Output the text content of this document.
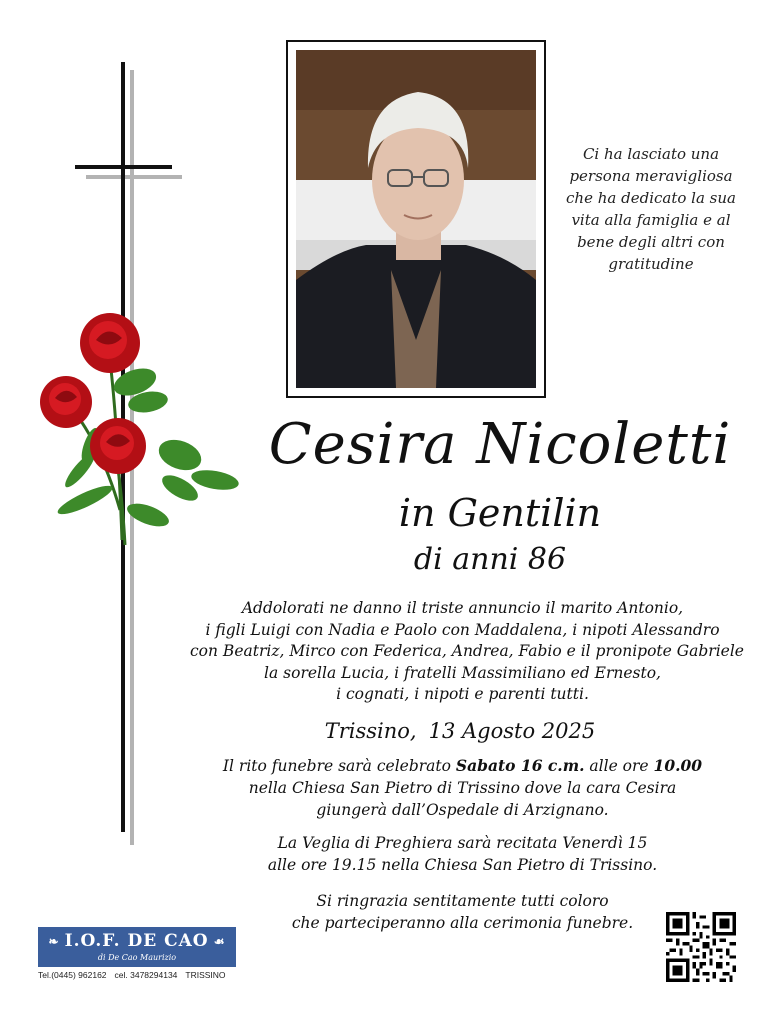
Ci ha lasciato una
persona meravigliosa
che ha dedicato la sua
vita alla famiglia e al
bene degli altri con
gratitudine
Cesira Nicoletti
in Gentilin
di anni 86
Addolorati ne danno il triste annuncio il marito Antonio,
i figli Luigi con Nadia e Paolo con Maddalena, i nipoti Alessandro
con Beatriz, Mirco con Federica, Andrea, Fabio e il pronipote Gabriele
la sorella Lucia, i fratelli Massimiliano ed Ernesto,
i cognati, i nipoti e parenti tutti.
Trissino, 13 Agosto 2025
Il rito funebre sarà celebrato Sabato 16 c.m. alle ore 10.00
nella Chiesa San Pietro di Trissino dove la cara Cesira
giungerà dall’Ospedale di Arzignano.
La Veglia di Preghiera sarà recitata Venerdì 15
alle ore 19.15 nella Chiesa San Pietro di Trissino.
Si ringrazia sentitamente tutti coloro
che parteciperanno alla cerimonia funebre.
❧ I.O.F. DE CAO ☙
di De Cao Maurizio
Tel.(0445) 962162 cel. 3478294134 TRISSINO
